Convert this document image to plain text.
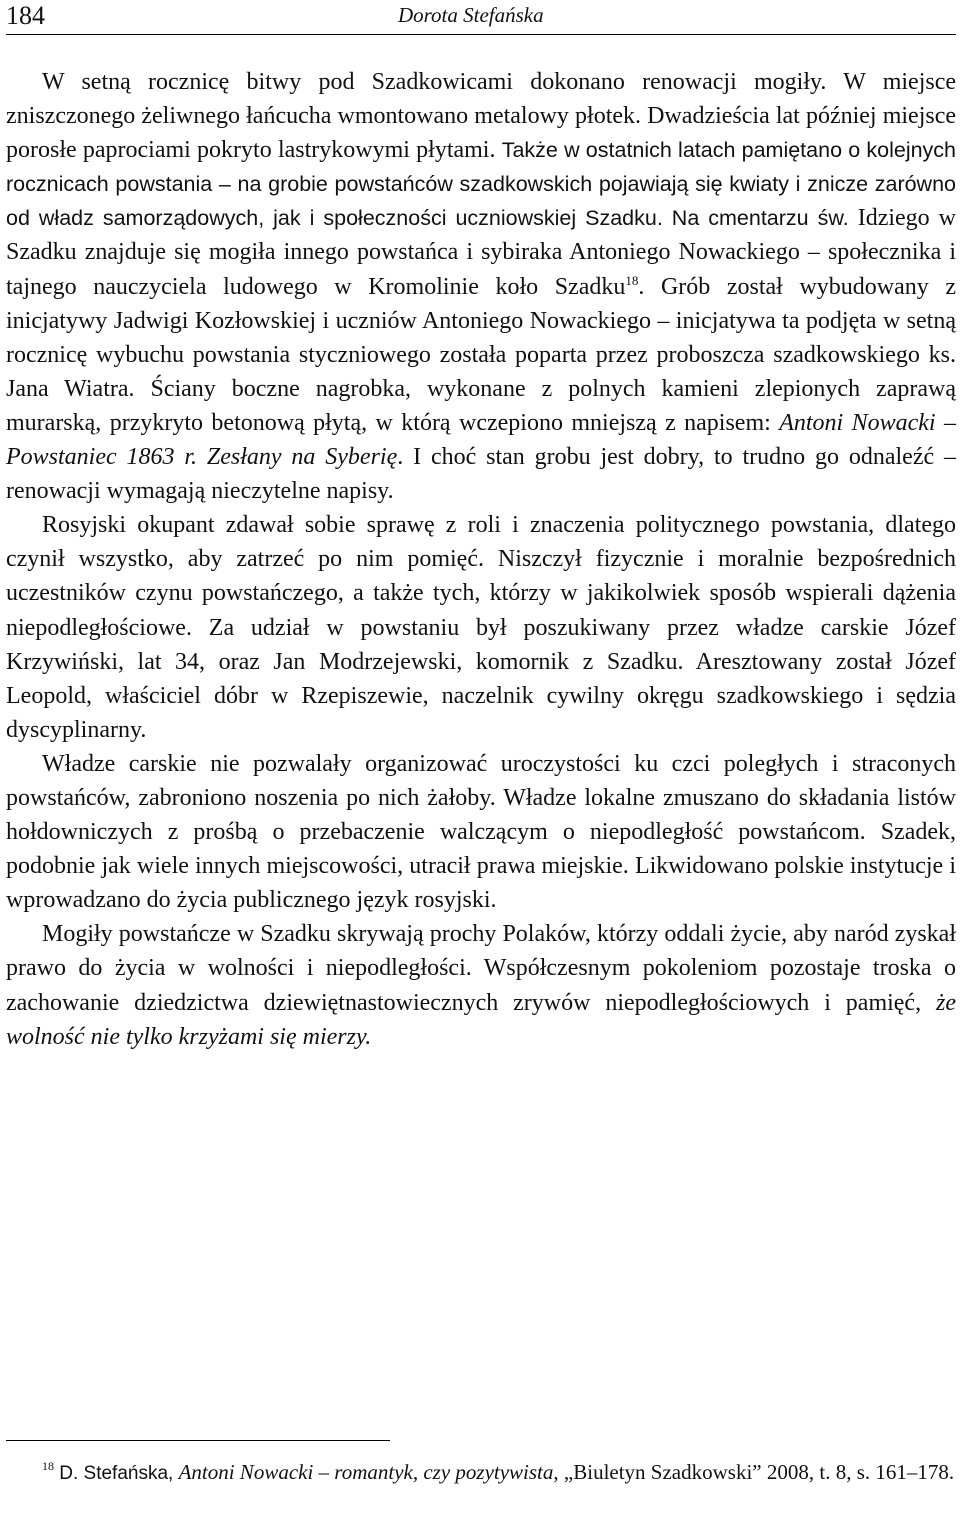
184	Dorota Stefańska

W setną rocznicę bitwy pod Szadkowicami dokonano renowacji mogiły. W miejsce zniszczonego żeliwnego łańcucha wmontowano metalowy płotek. Dwadzieścia lat później miejsce porosłe paprociami pokryto lastrykowymi płytami. Także w ostatnich latach pamiętano o kolejnych rocznicach powstania – na grobie powstańców szadkowskich pojawiają się kwiaty i znicze zarówno od władz samorządowych, jak i społeczności uczniowskiej Szadku. Na cmentarzu św. Idziego w Szadku znajduje się mogiła innego powstańca i sybiraka Antoniego Nowackiego – społecznika i tajnego nauczyciela ludowego w Kromolinie koło Szadku$^{18}$. Grób został wybudowany z inicjatywy Jadwigi Kozłowskiej i uczniów Antoniego Nowackiego – inicjatywa ta podjęta w setną rocznicę wybuchu powstania styczniowego została poparta przez proboszcza szadkowskiego ks. Jana Wiatra. Ściany boczne nagrobka, wykonane z polnych kamieni zlepionych zaprawą murarską, przykryto betonową płytą, w którą wczepiono mniejszą z napisem: Antoni Nowacki – Powstaniec 1863 r. Zesłany na Syberię. I choć stan grobu jest dobry, to trudno go odnaleźć – renowacji wymagają nieczytelne napisy.

Rosyjski okupant zdawał sobie sprawę z roli i znaczenia politycznego powstania, dlatego czynił wszystko, aby zatrzeć po nim pomięć. Niszczył fizycznie i moralnie bezpośrednich uczestników czynu powstańczego, a także tych, którzy w jakikolwiek sposób wspierali dążenia niepodległościowe. Za udział w powstaniu był poszukiwany przez władze carskie Józef Krzywiński, lat 34, oraz Jan Modrzejewski, komornik z Szadku. Aresztowany został Józef Leopold, właściciel dóbr w Rzepiszewie, naczelnik cywilny okręgu szadkowskiego i sędzia dyscyplinarny.

Władze carskie nie pozwalały organizować uroczystości ku czci poległych i straconych powstańców, zabroniono noszenia po nich żałoby. Władze lokalne zmuszano do składania listów hołdowniczych z prośbą o przebaczenie walczącym o niepodległość powstańcom. Szadek, podobnie jak wiele innych miejscowości, utracił prawa miejskie. Likwidowano polskie instytucje i wprowadzano do życia publicznego język rosyjski.

Mogiły powstańcze w Szadku skrywają prochy Polaków, którzy oddali życie, aby naród zyskał prawo do życia w wolności i niepodległości. Współczesnym pokoleniom pozostaje troska o zachowanie dziedzictwa dziewiętnastowiecznych zrywów niepodległościowych i pamięć, że wolność nie tylko krzyżami się mierzy.

$^{18}$ D. Stefańska, Antoni Nowacki – romantyk, czy pozytywista, „Biuletyn Szadkowski” 2008, t. 8, s. 161–178.
